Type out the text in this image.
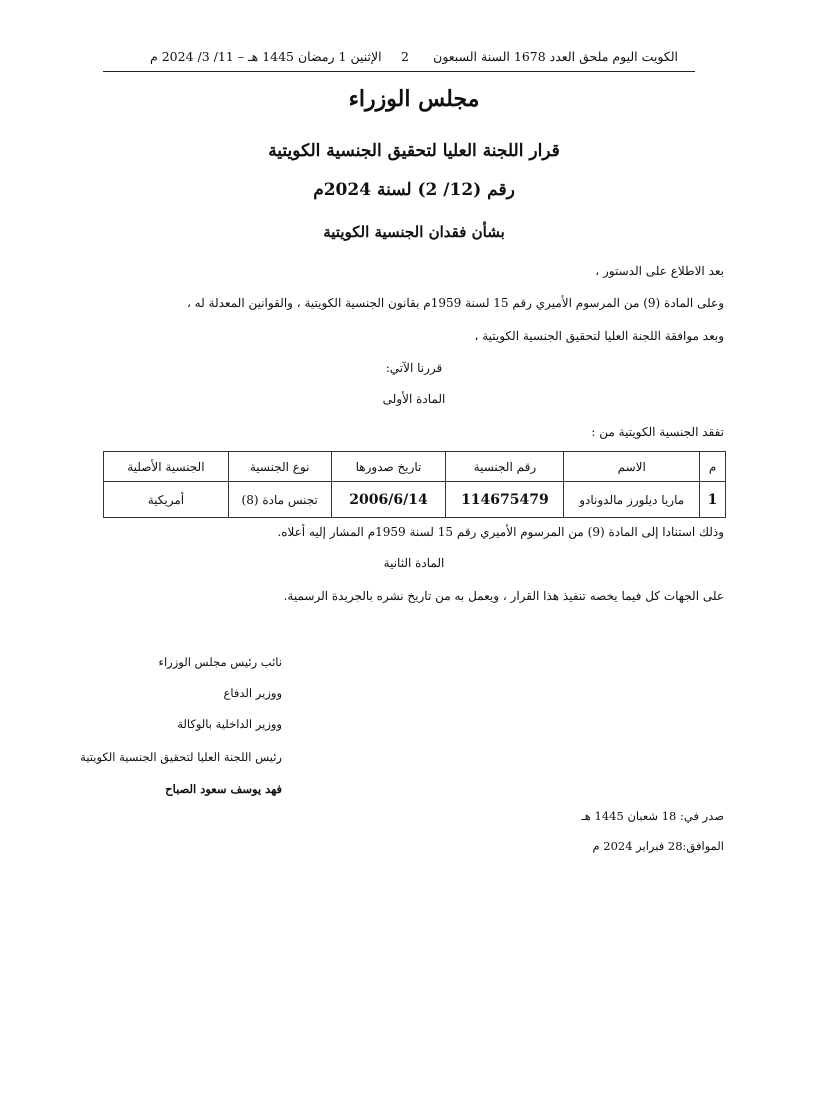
الكويت اليوم ملحق العدد 1678 السنة السبعون
2
الإثنين 1 رمضان 1445 هـ – 11/ 3/ 2024 م
مجلس الوزراء
قرار اللجنة العليا لتحقيق الجنسية الكويتية
رقم (12/ 2) لسنة 2024م
بشأن فقدان الجنسية الكويتية
بعد الاطلاع على الدستور ،
وعلى المادة (9) من المرسوم الأميري رقم 15 لسنة 1959م بقانون الجنسية الكويتية ، والقوانين المعدلة له ،
وبعد موافقة اللجنة العليا لتحقيق الجنسية الكويتية ،
قررنا الآتي:
المادة الأولى
تفقد الجنسية الكويتية من :
م	الاسم	رقم الجنسية	تاريخ صدورها	نوع الجنسية	الجنسية الأصلية
1	ماريا ديلورز مالدونادو	114675479	2006/6/14	تجنس مادة (8)	أمريكية
وذلك استنادا إلى المادة (9) من المرسوم الأميري رقم 15 لسنة 1959م المشار إليه أعلاه.
المادة الثانية
على الجهات كل فيما يخصه تنفيذ هذا القرار ، ويعمل به من تاريخ نشره بالجريدة الرسمية.
نائب رئيس مجلس الوزراء
ووزير الدفاع
ووزير الداخلية بالوكالة
رئيس اللجنة العليا لتحقيق الجنسية الكويتية
فهد يوسف سعود الصباح
صدر في: 18 شعبان 1445 هـ
الموافق:28 فبراير 2024 م
